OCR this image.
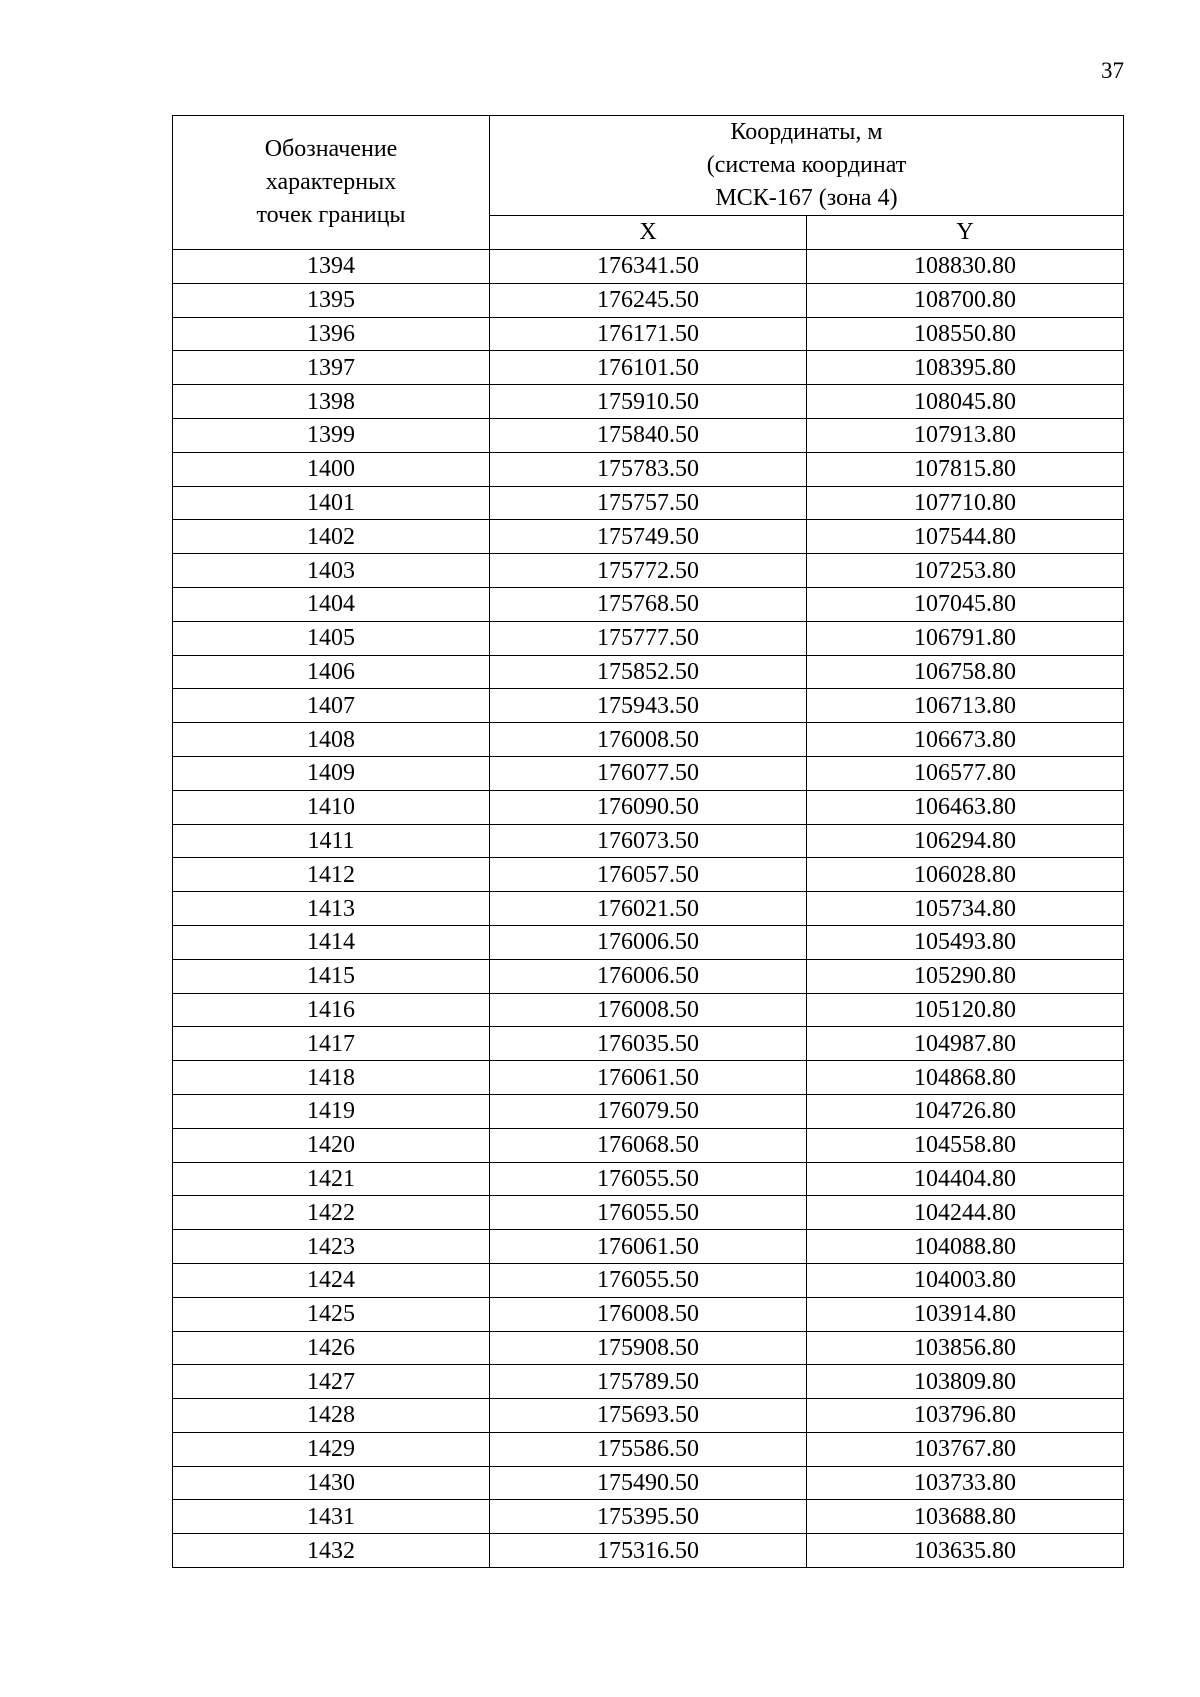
37
Обозначение
характерных
точек границы	Координаты, м
(система координат
МСК-167 (зона 4)	
	X	Y
1394	176341.50	108830.80
1395	176245.50	108700.80
1396	176171.50	108550.80
1397	176101.50	108395.80
1398	175910.50	108045.80
1399	175840.50	107913.80
1400	175783.50	107815.80
1401	175757.50	107710.80
1402	175749.50	107544.80
1403	175772.50	107253.80
1404	175768.50	107045.80
1405	175777.50	106791.80
1406	175852.50	106758.80
1407	175943.50	106713.80
1408	176008.50	106673.80
1409	176077.50	106577.80
1410	176090.50	106463.80
1411	176073.50	106294.80
1412	176057.50	106028.80
1413	176021.50	105734.80
1414	176006.50	105493.80
1415	176006.50	105290.80
1416	176008.50	105120.80
1417	176035.50	104987.80
1418	176061.50	104868.80
1419	176079.50	104726.80
1420	176068.50	104558.80
1421	176055.50	104404.80
1422	176055.50	104244.80
1423	176061.50	104088.80
1424	176055.50	104003.80
1425	176008.50	103914.80
1426	175908.50	103856.80
1427	175789.50	103809.80
1428	175693.50	103796.80
1429	175586.50	103767.80
1430	175490.50	103733.80
1431	175395.50	103688.80
1432	175316.50	103635.80
